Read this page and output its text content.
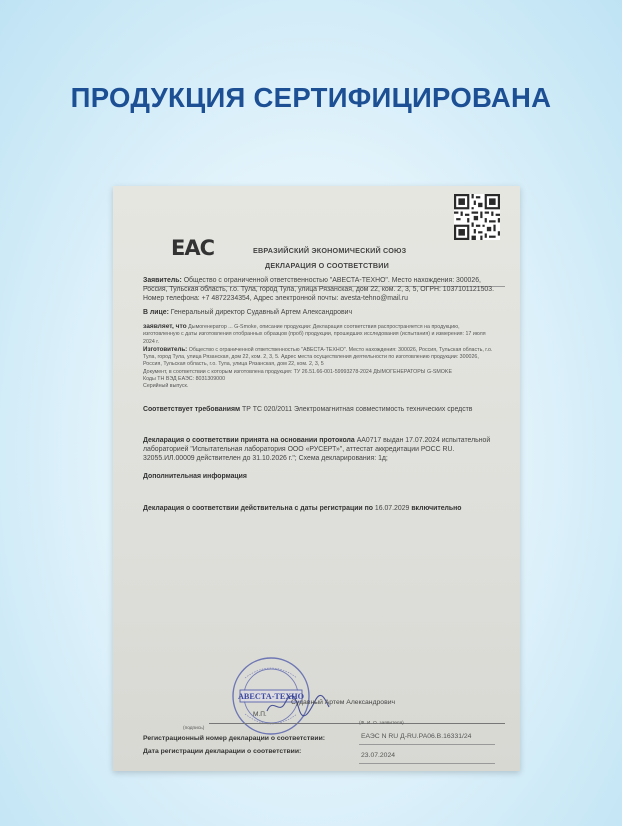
ПРОДУКЦИЯ СЕРТИФИЦИРОВАНА
EAC	ЕВРАЗИЙСКИЙ ЭКОНОМИЧЕСКИЙ СОЮЗ
ДЕКЛАРАЦИЯ О СООТВЕТСТВИИ
Заявитель: Общество с ограниченной ответственностью "АВЕСТА-ТЕХНО". Место нахождения: 300026, Россия, Тульская область, г.о. Тула, город Тула, улица Рязанская, дом 22, ком. 2, 3, 5, ОГРН: 1037101121503. Номер телефона: +7 4872234354, Адрес электронной почты: avesta-tehno@mail.ru
В лице: Генеральный директор Судавный Артем Александрович
заявляет, что Дымогенератор ... G-Smoke, описание продукции: Декларация соответствия распространяется на продукцию, изготовленную с даты изготовления отобранных образцов (проб) продукции, прошедших исследования (испытания) и измерения: 17 июля 2024 г.
Изготовитель: Общество с ограниченной ответственностью "АВЕСТА-ТЕХНО". Место нахождения: 300026, Россия, Тульская область, г.о. Тула, город Тула, улица Рязанская, дом 22, ком. 2, 3, 5. Адрес места осуществления деятельности по изготовлению продукции: 300026, Россия, Тульская область, г.о. Тула, улица Рязанская, дом 22, ком. 2, 3, 5
Документ, в соответствии с которым изготовлена продукция: ТУ 26.51.66-001-59993278-2024 ДЫМОГЕНЕРАТОРЫ G-SMOKE
Коды ТН ВЭД ЕАЭС: 8031309000
Серийный выпуск.
Соответствует требованиям ТР ТС 020/2011 Электромагнитная совместимость технических средств
Декларация о соответствии принята на основании протокола АА0717 выдан 17.07.2024 испытательной лабораторией "Испытательная лаборатория ООО «РУСЕРТ»", аттестат аккредитации РОСС RU. 32055.ИЛ.00009 действителен до 31.10.2026 г."; Схема декларирования: 1д;
Дополнительная информация
Декларация о соответствии действительна с даты регистрации по 16.07.2029 включительно
АВЕСТА-ТЕХНО
М.П.
Судавный Артем Александрович
(подпись)
(Ф. И. О. заявителя)
Регистрационный номер декларации о соответствии:	ЕАЭС N RU Д-RU.PA06.B.16331/24
Дата регистрации декларации о соответствии:
23.07.2024
